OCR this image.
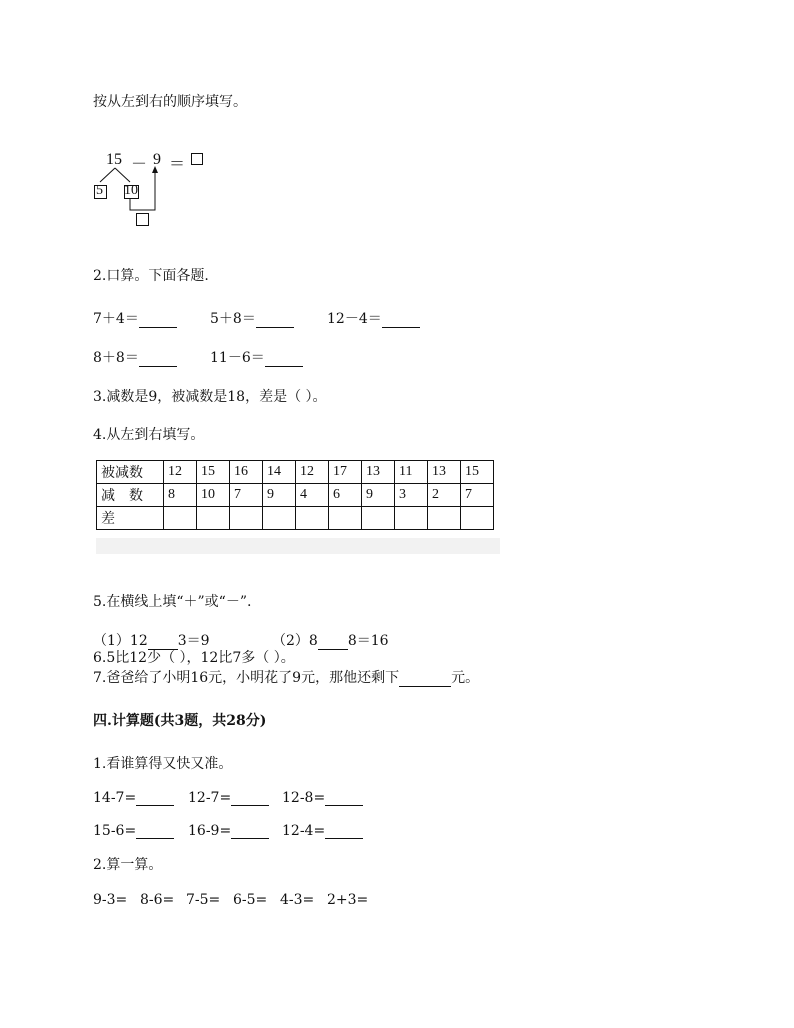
按从左到右的顺序填写。
15 － 9 ＝
5 10
2.口算。下面各题.
7＋4＝	5＋8＝	12－4＝
8＋8＝	11－6＝
3.减数是9，被减数是18，差是（ ）。
4.从左到右填写。
被减数	12	15	16	14	12	17	13	11	13	15
减　数	8	10	7	9	4	6	9	3	2	7
差										
5.在横线上填“＋”或“－”.
（1）12 3＝9	（2）8 8＝16
6.5比12少（ ），12比7多（ ）。
7.爸爸给了小明16元，小明花了9元，那他还剩下	元。
四.计算题(共3题，共28分)
1.看谁算得又快又准。
14-7=	12-7=	12-8=
15-6=	16-9=	12-4=
2.算一算。
9-3= 8-6= 7-5= 6-5= 4-3= 2+3=
